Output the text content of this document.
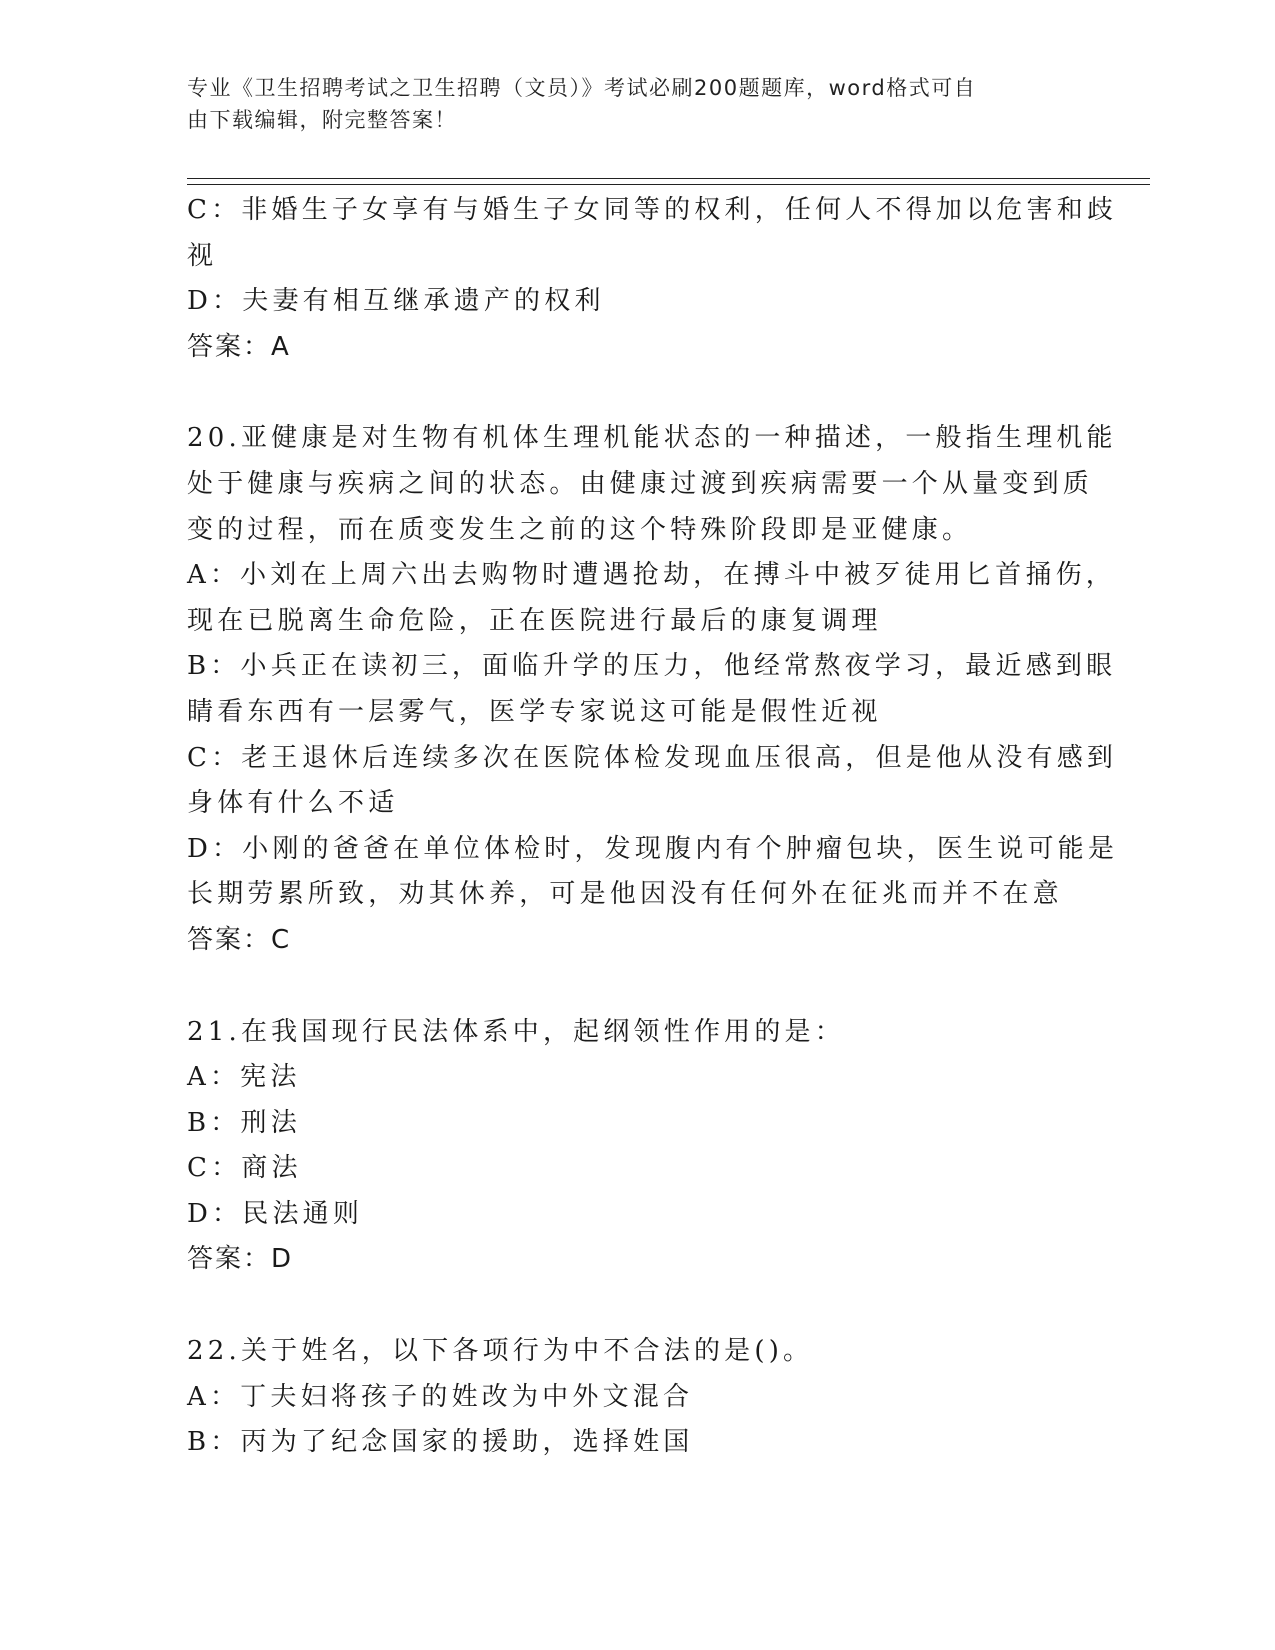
专业《卫生招聘考试之卫生招聘（文员）》考试必刷200题题库，word格式可自
由下载编辑，附完整答案！
C：非婚生子女享有与婚生子女同等的权利，任何人不得加以危害和歧
视
D：夫妻有相互继承遗产的权利
答案：A
20.亚健康是对生物有机体生理机能状态的一种描述，一般指生理机能
处于健康与疾病之间的状态。由健康过渡到疾病需要一个从量变到质
变的过程，而在质变发生之前的这个特殊阶段即是亚健康。
A：小刘在上周六出去购物时遭遇抢劫，在搏斗中被歹徒用匕首捅伤，
现在已脱离生命危险，正在医院进行最后的康复调理
B：小兵正在读初三，面临升学的压力，他经常熬夜学习，最近感到眼
睛看东西有一层雾气，医学专家说这可能是假性近视
C：老王退休后连续多次在医院体检发现血压很高，但是他从没有感到
身体有什么不适
D：小刚的爸爸在单位体检时，发现腹内有个肿瘤包块，医生说可能是
长期劳累所致，劝其休养，可是他因没有任何外在征兆而并不在意
答案：C
21.在我国现行民法体系中，起纲领性作用的是：
A：宪法
B：刑法
C：商法
D：民法通则
答案：D
22.关于姓名，以下各项行为中不合法的是()。
A：丁夫妇将孩子的姓改为中外文混合
B：丙为了纪念国家的援助，选择姓国
